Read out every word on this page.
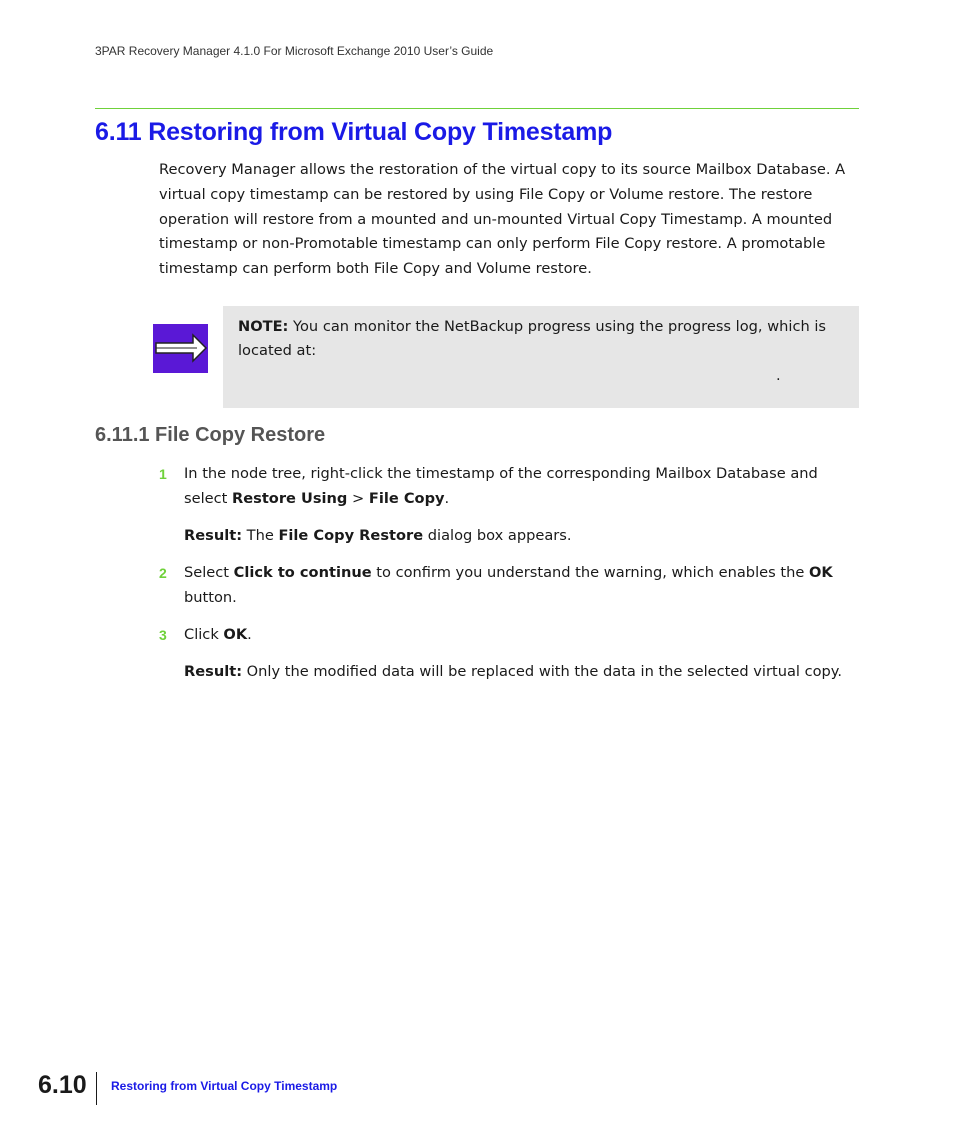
3PAR Recovery Manager 4.1.0 For Microsoft Exchange 2010 User’s Guide
6.11 Restoring from Virtual Copy Timestamp

Recovery Manager allows the restoration of the virtual copy to its source Mailbox Database. A virtual copy timestamp can be restored by using File Copy or Volume restore. The restore operation will restore from a mounted and un-mounted Virtual Copy Timestamp. A mounted timestamp or non-Promotable timestamp can only perform File Copy restore. A promotable timestamp can perform both File Copy and Volume restore.

NOTE: You can monitor the NetBackup progress using the progress log, which is located at:

.
6.11.1 File Copy Restore
1 In the node tree, right-click the timestamp of the corresponding Mailbox Database and select Restore Using > File Copy.

Result: The File Copy Restore dialog box appears.

2 Select Click to continue to confirm you understand the warning, which enables the OK button.

3 Click OK.

Result: Only the modified data will be replaced with the data in the selected virtual copy.

6.10 Restoring from Virtual Copy Timestamp
